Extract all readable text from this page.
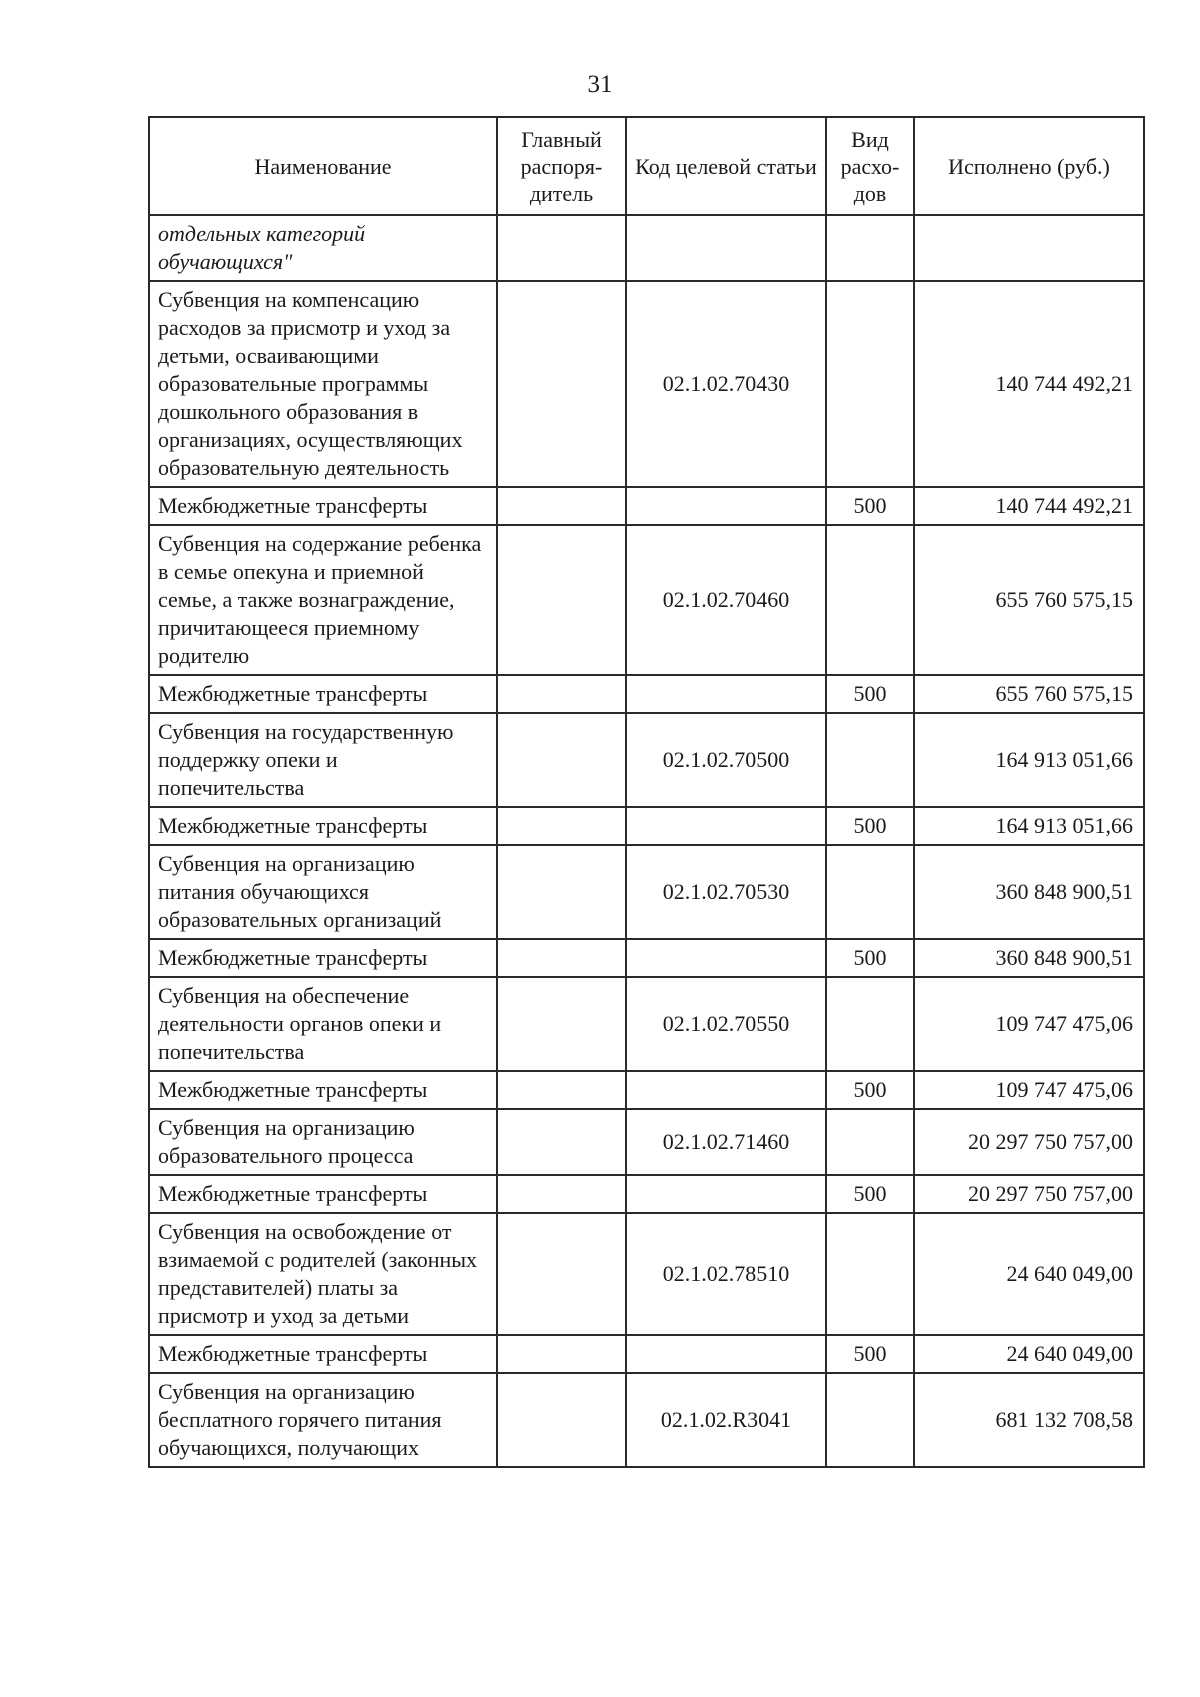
31
Наименование	Главный распоря-дитель	Код целевой статьи	Вид расхо-дов	Исполнено (руб.)
отдельных категорий обучающихся"				
Субвенция на компенсацию расходов за присмотр и уход за детьми, осваивающими образовательные программы дошкольного образования в организациях, осуществляющих образовательную деятельность		02.1.02.70430		140 744 492,21
Межбюджетные трансферты			500	140 744 492,21
Субвенция на содержание ребенка в семье опекуна и приемной семье, а также вознаграждение, причитающееся приемному родителю		02.1.02.70460		655 760 575,15
Межбюджетные трансферты			500	655 760 575,15
Субвенция на государственную поддержку опеки и попечительства		02.1.02.70500		164 913 051,66
Межбюджетные трансферты			500	164 913 051,66
Субвенция на организацию питания обучающихся образовательных организаций		02.1.02.70530		360 848 900,51
Межбюджетные трансферты			500	360 848 900,51
Субвенция на обеспечение деятельности органов опеки и попечительства		02.1.02.70550		109 747 475,06
Межбюджетные трансферты			500	109 747 475,06
Субвенция на организацию образовательного процесса		02.1.02.71460		20 297 750 757,00
Межбюджетные трансферты			500	20 297 750 757,00
Субвенция на освобождение от взимаемой с родителей (законных представителей) платы за присмотр и уход за детьми		02.1.02.78510		24 640 049,00
Межбюджетные трансферты			500	24 640 049,00
Субвенция на организацию бесплатного горячего питания обучающихся, получающих		02.1.02.R3041		681 132 708,58
